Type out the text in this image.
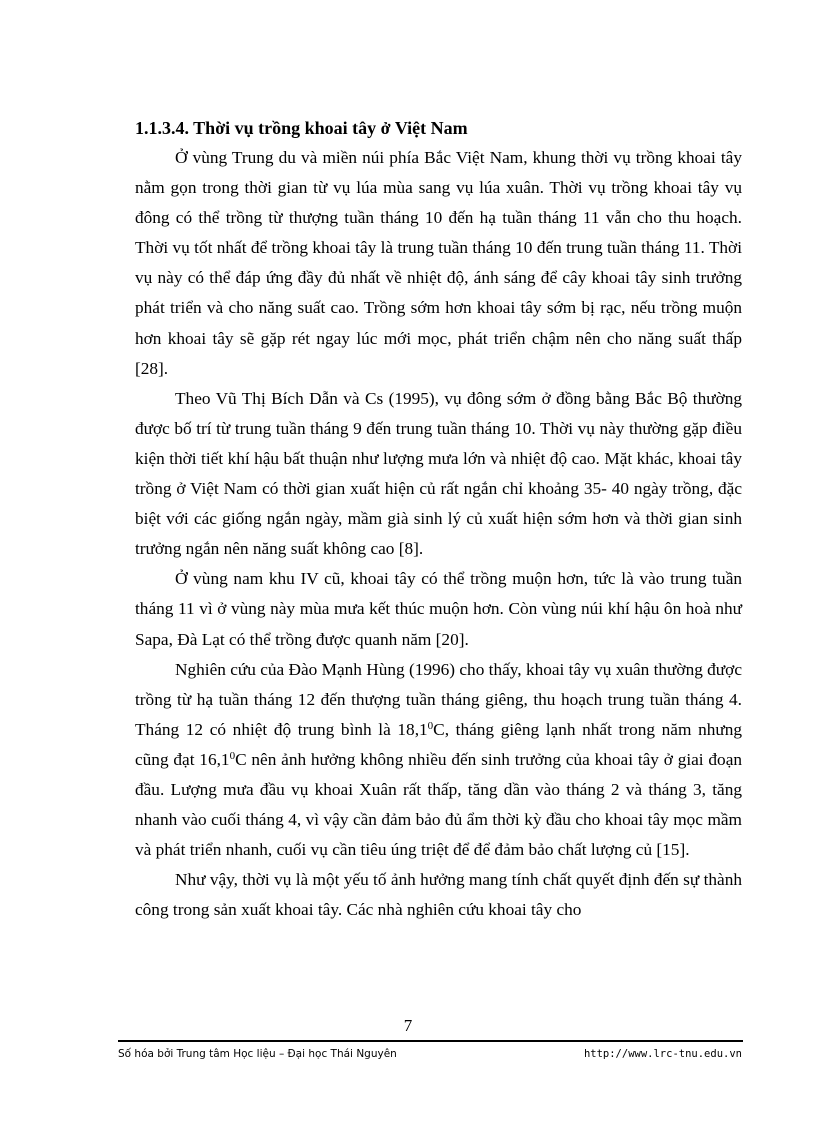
1.1.3.4. Thời vụ trồng khoai tây ở Việt Nam

Ở vùng Trung du và miền núi phía Bắc Việt Nam, khung thời vụ trồng khoai tây nằm gọn trong thời gian từ vụ lúa mùa sang vụ lúa xuân. Thời vụ trồng khoai tây vụ đông có thể trồng từ thượng tuần tháng 10 đến hạ tuần tháng 11 vẫn cho thu hoạch. Thời vụ tốt nhất để trồng khoai tây là trung tuần tháng 10 đến trung tuần tháng 11. Thời vụ này có thể đáp ứng đầy đủ nhất về nhiệt độ, ánh sáng để cây khoai tây sinh trưởng phát triển và cho năng suất cao. Trồng sớm hơn khoai tây sớm bị rạc, nếu trồng muộn hơn khoai tây sẽ gặp rét ngay lúc mới mọc, phát triển chậm nên cho năng suất thấp [28].

Theo Vũ Thị Bích Dẫn và Cs (1995), vụ đông sớm ở đồng bằng Bắc Bộ thường được bố trí từ trung tuần tháng 9 đến trung tuần tháng 10. Thời vụ này thường gặp điều kiện thời tiết khí hậu bất thuận như lượng mưa lớn và nhiệt độ cao. Mặt khác, khoai tây trồng ở Việt Nam có thời gian xuất hiện củ rất ngắn chỉ khoảng 35- 40 ngày trồng, đặc biệt với các giống ngắn ngày, mầm già sinh lý củ xuất hiện sớm hơn và thời gian sinh trưởng ngắn nên năng suất không cao [8].

Ở vùng nam khu IV cũ, khoai tây có thể trồng muộn hơn, tức là vào trung tuần tháng 11 vì ở vùng này mùa mưa kết thúc muộn hơn. Còn vùng núi khí hậu ôn hoà như Sapa, Đà Lạt có thể trồng được quanh năm [20].

Nghiên cứu của Đào Mạnh Hùng (1996) cho thấy, khoai tây vụ xuân thường được trồng từ hạ tuần tháng 12 đến thượng tuần tháng giêng, thu hoạch trung tuần tháng 4. Tháng 12 có nhiệt độ trung bình là 18,1$^0$C, tháng giêng lạnh nhất trong năm nhưng cũng đạt 16,1$^0$C nên ảnh hưởng không nhiều đến sinh trưởng của khoai tây ở giai đoạn đầu. Lượng mưa đầu vụ khoai Xuân rất thấp, tăng dần vào tháng 2 và tháng 3, tăng nhanh vào cuối tháng 4, vì vậy cần đảm bảo đủ ẩm thời kỳ đầu cho khoai tây mọc mầm và phát triển nhanh, cuối vụ cần tiêu úng triệt để để đảm bảo chất lượng củ [15].

Như vậy, thời vụ là một yếu tố ảnh hưởng mang tính chất quyết định đến sự thành công trong sản xuất khoai tây. Các nhà nghiên cứu khoai tây cho

7
Số hóa bởi Trung tâm Học liệu – Đại học Thái Nguyên	http://www.lrc-tnu.edu.vn
